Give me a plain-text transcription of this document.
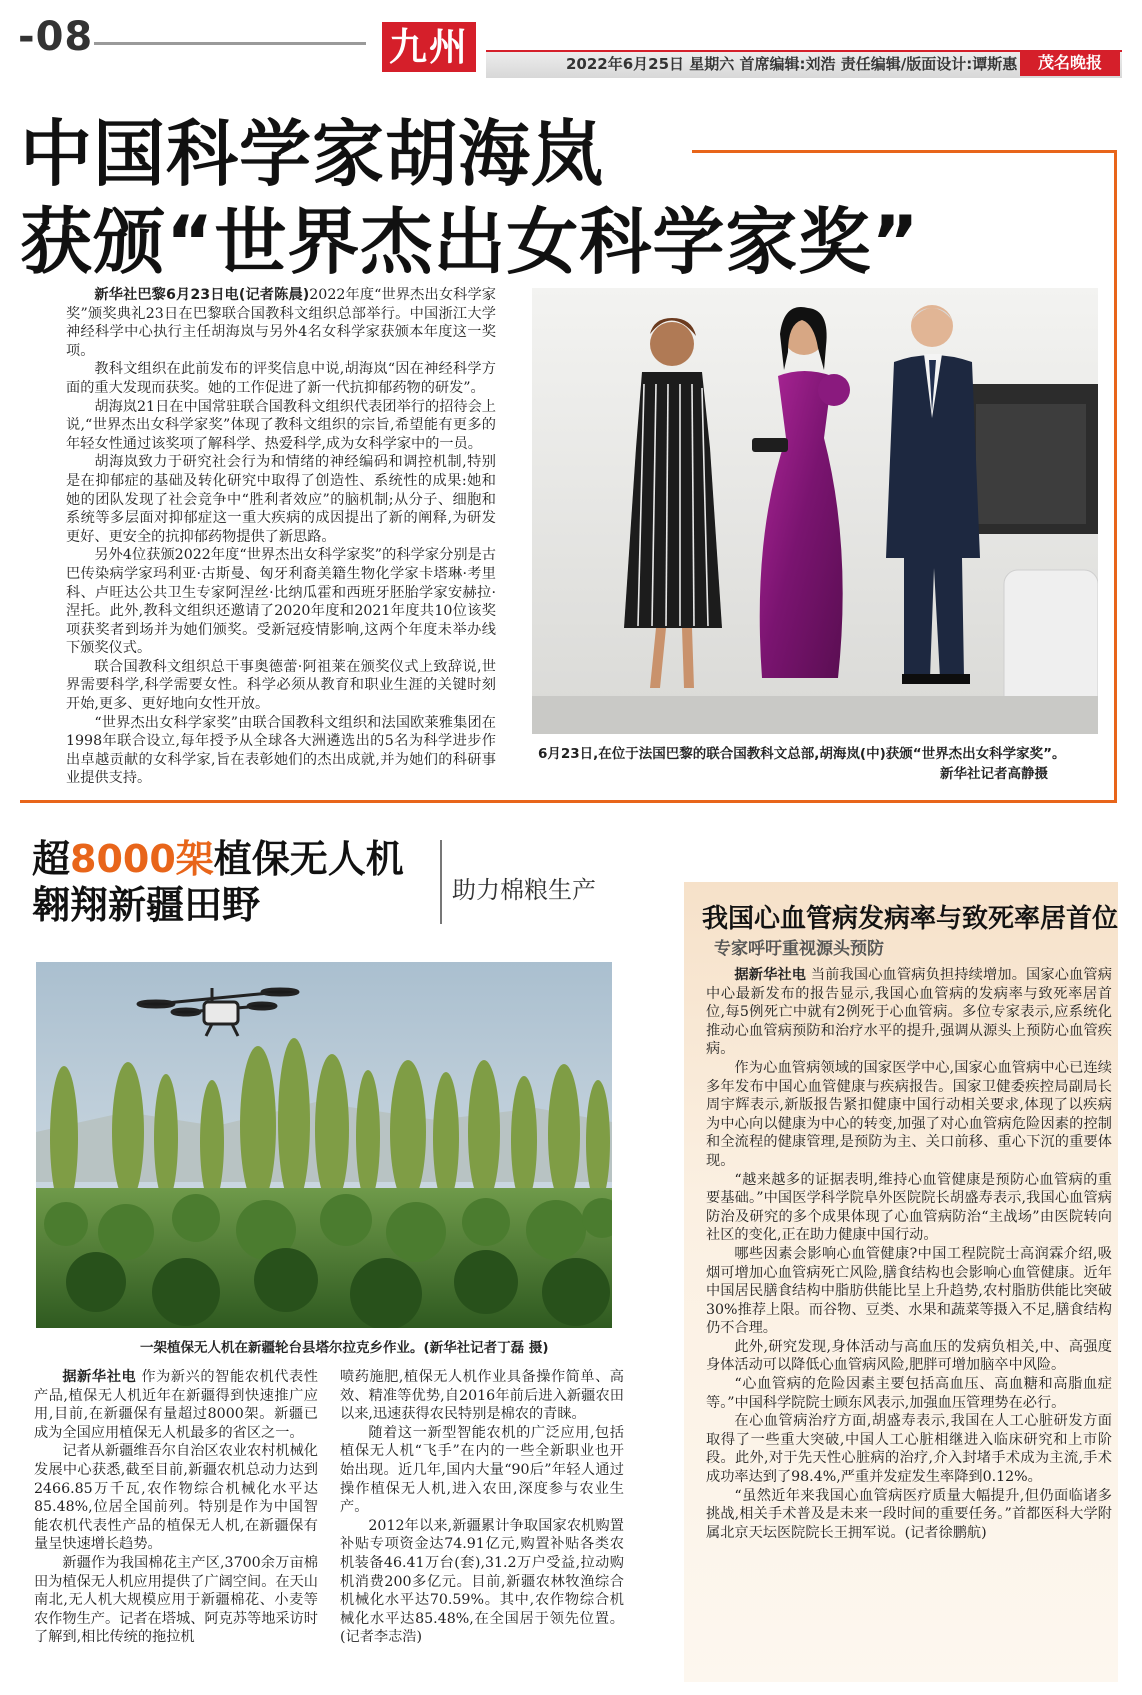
-08	九州	2022年6月25日 星期六 首席编辑:刘浩 责任编辑/版面设计:谭斯惠	茂名晚报
中国科学家胡海岚
获颁“世界杰出女科学家奖”

新华社巴黎6月23日电(记者陈晨)2022年度“世界杰出女科学家奖”颁奖典礼23日在巴黎联合国教科文组织总部举行。中国浙江大学神经科学中心执行主任胡海岚与另外4名女科学家获颁本年度这一奖项。

教科文组织在此前发布的评奖信息中说,胡海岚“因在神经科学方面的重大发现而获奖。她的工作促进了新一代抗抑郁药物的研发”。

胡海岚21日在中国常驻联合国教科文组织代表团举行的招待会上说,“世界杰出女科学家奖”体现了教科文组织的宗旨,希望能有更多的年轻女性通过该奖项了解科学、热爱科学,成为女科学家中的一员。

胡海岚致力于研究社会行为和情绪的神经编码和调控机制,特别是在抑郁症的基础及转化研究中取得了创造性、系统性的成果:她和她的团队发现了社会竞争中“胜利者效应”的脑机制;从分子、细胞和系统等多层面对抑郁症这一重大疾病的成因提出了新的阐释,为研发更好、更安全的抗抑郁药物提供了新思路。

另外4位获颁2022年度“世界杰出女科学家奖”的科学家分别是古巴传染病学家玛利亚·古斯曼、匈牙利裔美籍生物化学家卡塔琳·考里科、卢旺达公共卫生专家阿涅丝·比纳瓜霍和西班牙胚胎学家安赫拉·涅托。此外,教科文组织还邀请了2020年度和2021年度共10位该奖项获奖者到场并为她们颁奖。受新冠疫情影响,这两个年度未举办线下颁奖仪式。

联合国教科文组织总干事奥德蕾·阿祖莱在颁奖仪式上致辞说,世界需要科学,科学需要女性。科学必须从教育和职业生涯的关键时刻开始,更多、更好地向女性开放。

“世界杰出女科学家奖”由联合国教科文组织和法国欧莱雅集团在1998年联合设立,每年授予从全球各大洲遴选出的5名为科学进步作出卓越贡献的女科学家,旨在表彰她们的杰出成就,并为她们的科研事业提供支持。

6月23日,在位于法国巴黎的联合国教科文总部,胡海岚(中)获颁“世界杰出女科学家奖”。
新华社记者高静摄
超8000架植保无人机
翱翔新疆田野	助力棉粮生产
一架植保无人机在新疆轮台县塔尔拉克乡作业。(新华社记者丁磊 摄)

据新华社电 作为新兴的智能农机代表性产品,植保无人机近年在新疆得到快速推广应用,目前,在新疆保有量超过8000架。新疆已成为全国应用植保无人机最多的省区之一。

记者从新疆维吾尔自治区农业农村机械化发展中心获悉,截至目前,新疆农机总动力达到2466.85万千瓦,农作物综合机械化水平达85.48%,位居全国前列。特别是作为中国智能农机代表性产品的植保无人机,在新疆保有量呈快速增长趋势。

新疆作为我国棉花主产区,3700余万亩棉田为植保无人机应用提供了广阔空间。在天山南北,无人机大规模应用于新疆棉花、小麦等农作物生产。记者在塔城、阿克苏等地采访时了解到,相比传统的拖拉机

喷药施肥,植保无人机作业具备操作简单、高效、精准等优势,自2016年前后进入新疆农田以来,迅速获得农民特别是棉农的青睐。

随着这一新型智能农机的广泛应用,包括植保无人机“飞手”在内的一些全新职业也开始出现。近几年,国内大量“90后”年轻人通过操作植保无人机,进入农田,深度参与农业生产。

2012年以来,新疆累计争取国家农机购置补贴专项资金达74.91亿元,购置补贴各类农机装备46.41万台(套),31.2万户受益,拉动购机消费200多亿元。目前,新疆农林牧渔综合机械化水平达70.59%。其中,农作物综合机械化水平达85.48%,在全国居于领先位置。(记者李志浩)

我国心血管病发病率与致死率居首位
专家呼吁重视源头预防

据新华社电 当前我国心血管病负担持续增加。国家心血管病中心最新发布的报告显示,我国心血管病的发病率与致死率居首位,每5例死亡中就有2例死于心血管病。多位专家表示,应系统化推动心血管病预防和治疗水平的提升,强调从源头上预防心血管疾病。

作为心血管病领域的国家医学中心,国家心血管病中心已连续多年发布中国心血管健康与疾病报告。国家卫健委疾控局副局长周宇辉表示,新版报告紧扣健康中国行动相关要求,体现了以疾病为中心向以健康为中心的转变,加强了对心血管病危险因素的控制和全流程的健康管理,是预防为主、关口前移、重心下沉的重要体现。

“越来越多的证据表明,维持心血管健康是预防心血管病的重要基础。”中国医学科学院阜外医院院长胡盛寿表示,我国心血管病防治及研究的多个成果体现了心血管病防治“主战场”由医院转向社区的变化,正在助力健康中国行动。

哪些因素会影响心血管健康?中国工程院院士高润霖介绍,吸烟可增加心血管病死亡风险,膳食结构也会影响心血管健康。近年中国居民膳食结构中脂肪供能比呈上升趋势,农村脂肪供能比突破30%推荐上限。而谷物、豆类、水果和蔬菜等摄入不足,膳食结构仍不合理。

此外,研究发现,身体活动与高血压的发病负相关,中、高强度身体活动可以降低心血管病风险,肥胖可增加脑卒中风险。

“心血管病的危险因素主要包括高血压、高血糖和高脂血症等。”中国科学院院士顾东风表示,加强血压管理势在必行。

在心血管病治疗方面,胡盛寿表示,我国在人工心脏研发方面取得了一些重大突破,中国人工心脏相继进入临床研究和上市阶段。此外,对于先天性心脏病的治疗,介入封堵手术成为主流,手术成功率达到了98.4%,严重并发症发生率降到0.12%。

“虽然近年来我国心血管病医疗质量大幅提升,但仍面临诸多挑战,相关手术普及是未来一段时间的重要任务。”首都医科大学附属北京天坛医院院长王拥军说。(记者徐鹏航)
